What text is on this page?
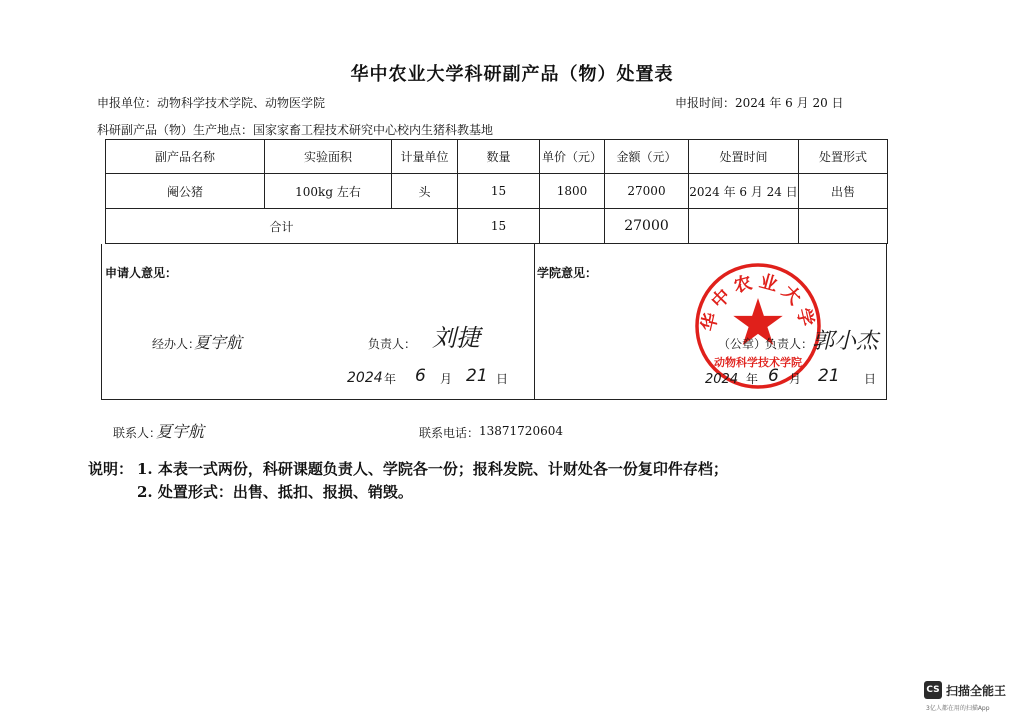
华中农业大学科研副产品（物）处置表
申报单位：动物科学技术学院、动物医学院	申报时间：2024 年 6 月 20 日
科研副产品（物）生产地点：国家家畜工程技术研究中心校内生猪科教基地
副产品名称	实验面积	计量单位	数量	单价（元）	金额（元）	处置时间	处置形式
阉公猪	100kg 左右	头	15	1800	27000	2024 年 6 月 24 日	出售
合计			15		27000		
申请人意见：
经办人：
夏宇航	负责人： 刘捷
2024 年 6 月 21 日
学院意见：
华中农业大学
动物科学技术学院
（公章）
负责人：
郭小杰
2024 年 6 月 21 日
联系人：
夏宇航	联系电话： 13871720604
说明： 1. 本表一式两份，科研课题负责人、学院各一份；报科发院、计财处各一份复印件存档；
2. 处置形式：出售、抵扣、报损、销毁。
CS 扫描全能王
3亿人都在用的扫描App
